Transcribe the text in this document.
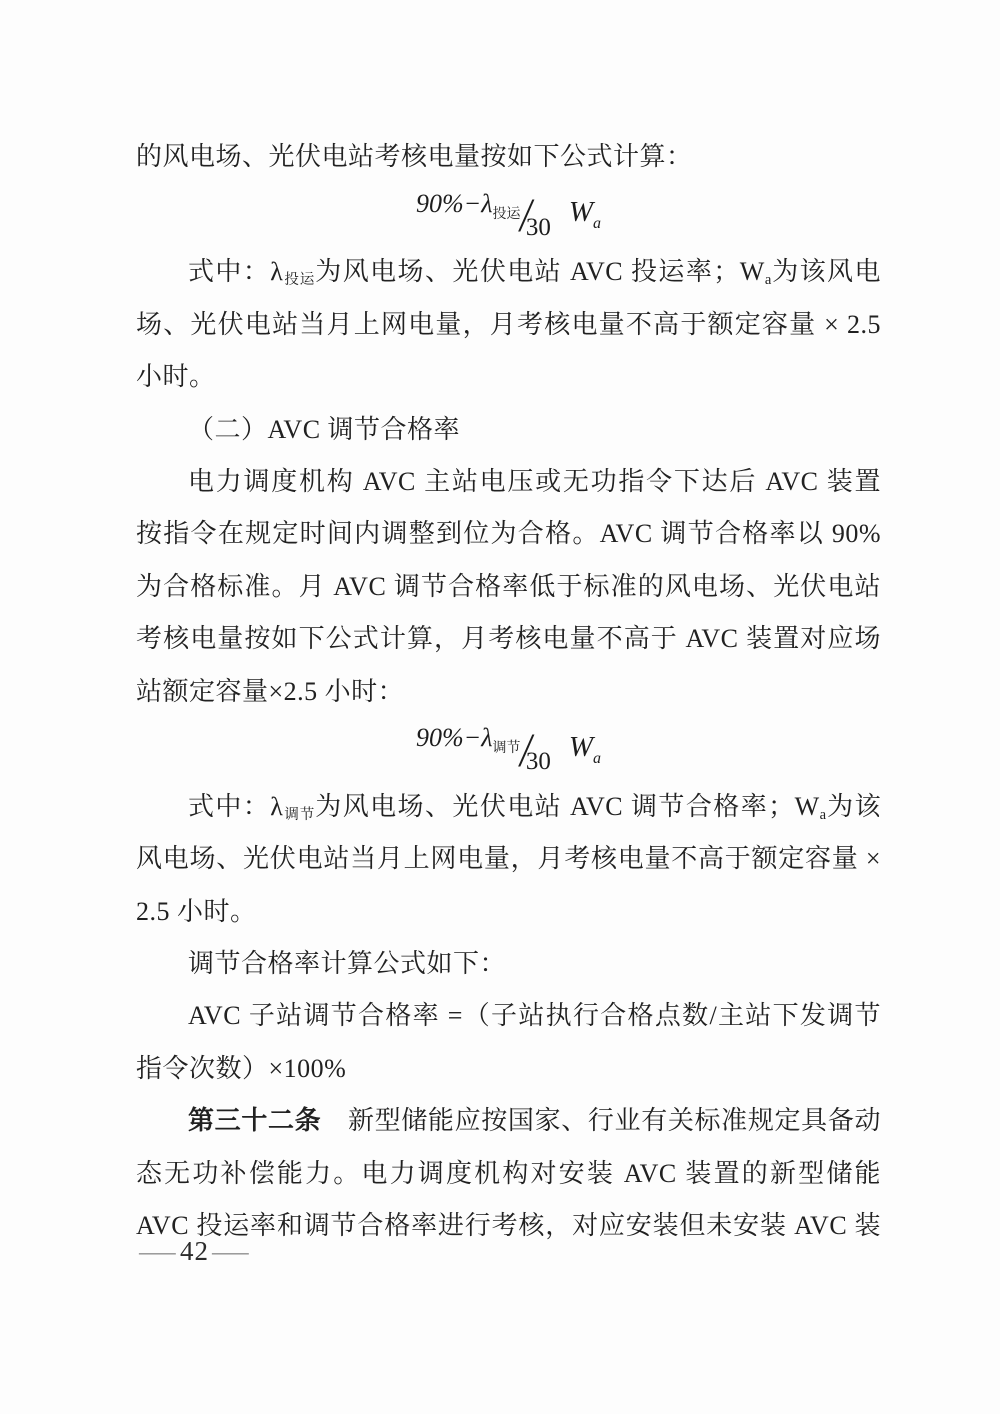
的风电场、光伏电站考核电量按如下公式计算：
$90\%-\lambda_{投运}$ /
30 $W_a$
式中：λ投运为风电场、光伏电站 AVC 投运率；Wa为该风电
场、光伏电站当月上网电量，月考核电量不高于额定容量 × 2.5
小时。
（二）AVC 调节合格率
电力调度机构 AVC 主站电压或无功指令下达后 AVC 装置
按指令在规定时间内调整到位为合格。AVC 调节合格率以 90%
为合格标准。月 AVC 调节合格率低于标准的风电场、光伏电站
考核电量按如下公式计算，月考核电量不高于 AVC 装置对应场
站额定容量×2.5 小时：
$90\%-\lambda_{调节}$ /
30 $W_a$
式中：λ调节为风电场、光伏电站 AVC 调节合格率；Wa为该
风电场、光伏电站当月上网电量，月考核电量不高于额定容量 ×
2.5 小时。
调节合格率计算公式如下：
AVC 子站调节合格率 =（子站执行合格点数/主站下发调节
指令次数）×100%
第三十二条　新型储能应按国家、行业有关标准规定具备动
态无功补偿能力。电力调度机构对安装 AVC 装置的新型储能
AVC 投运率和调节合格率进行考核，对应安装但未安装 AVC 装
— 42 —
